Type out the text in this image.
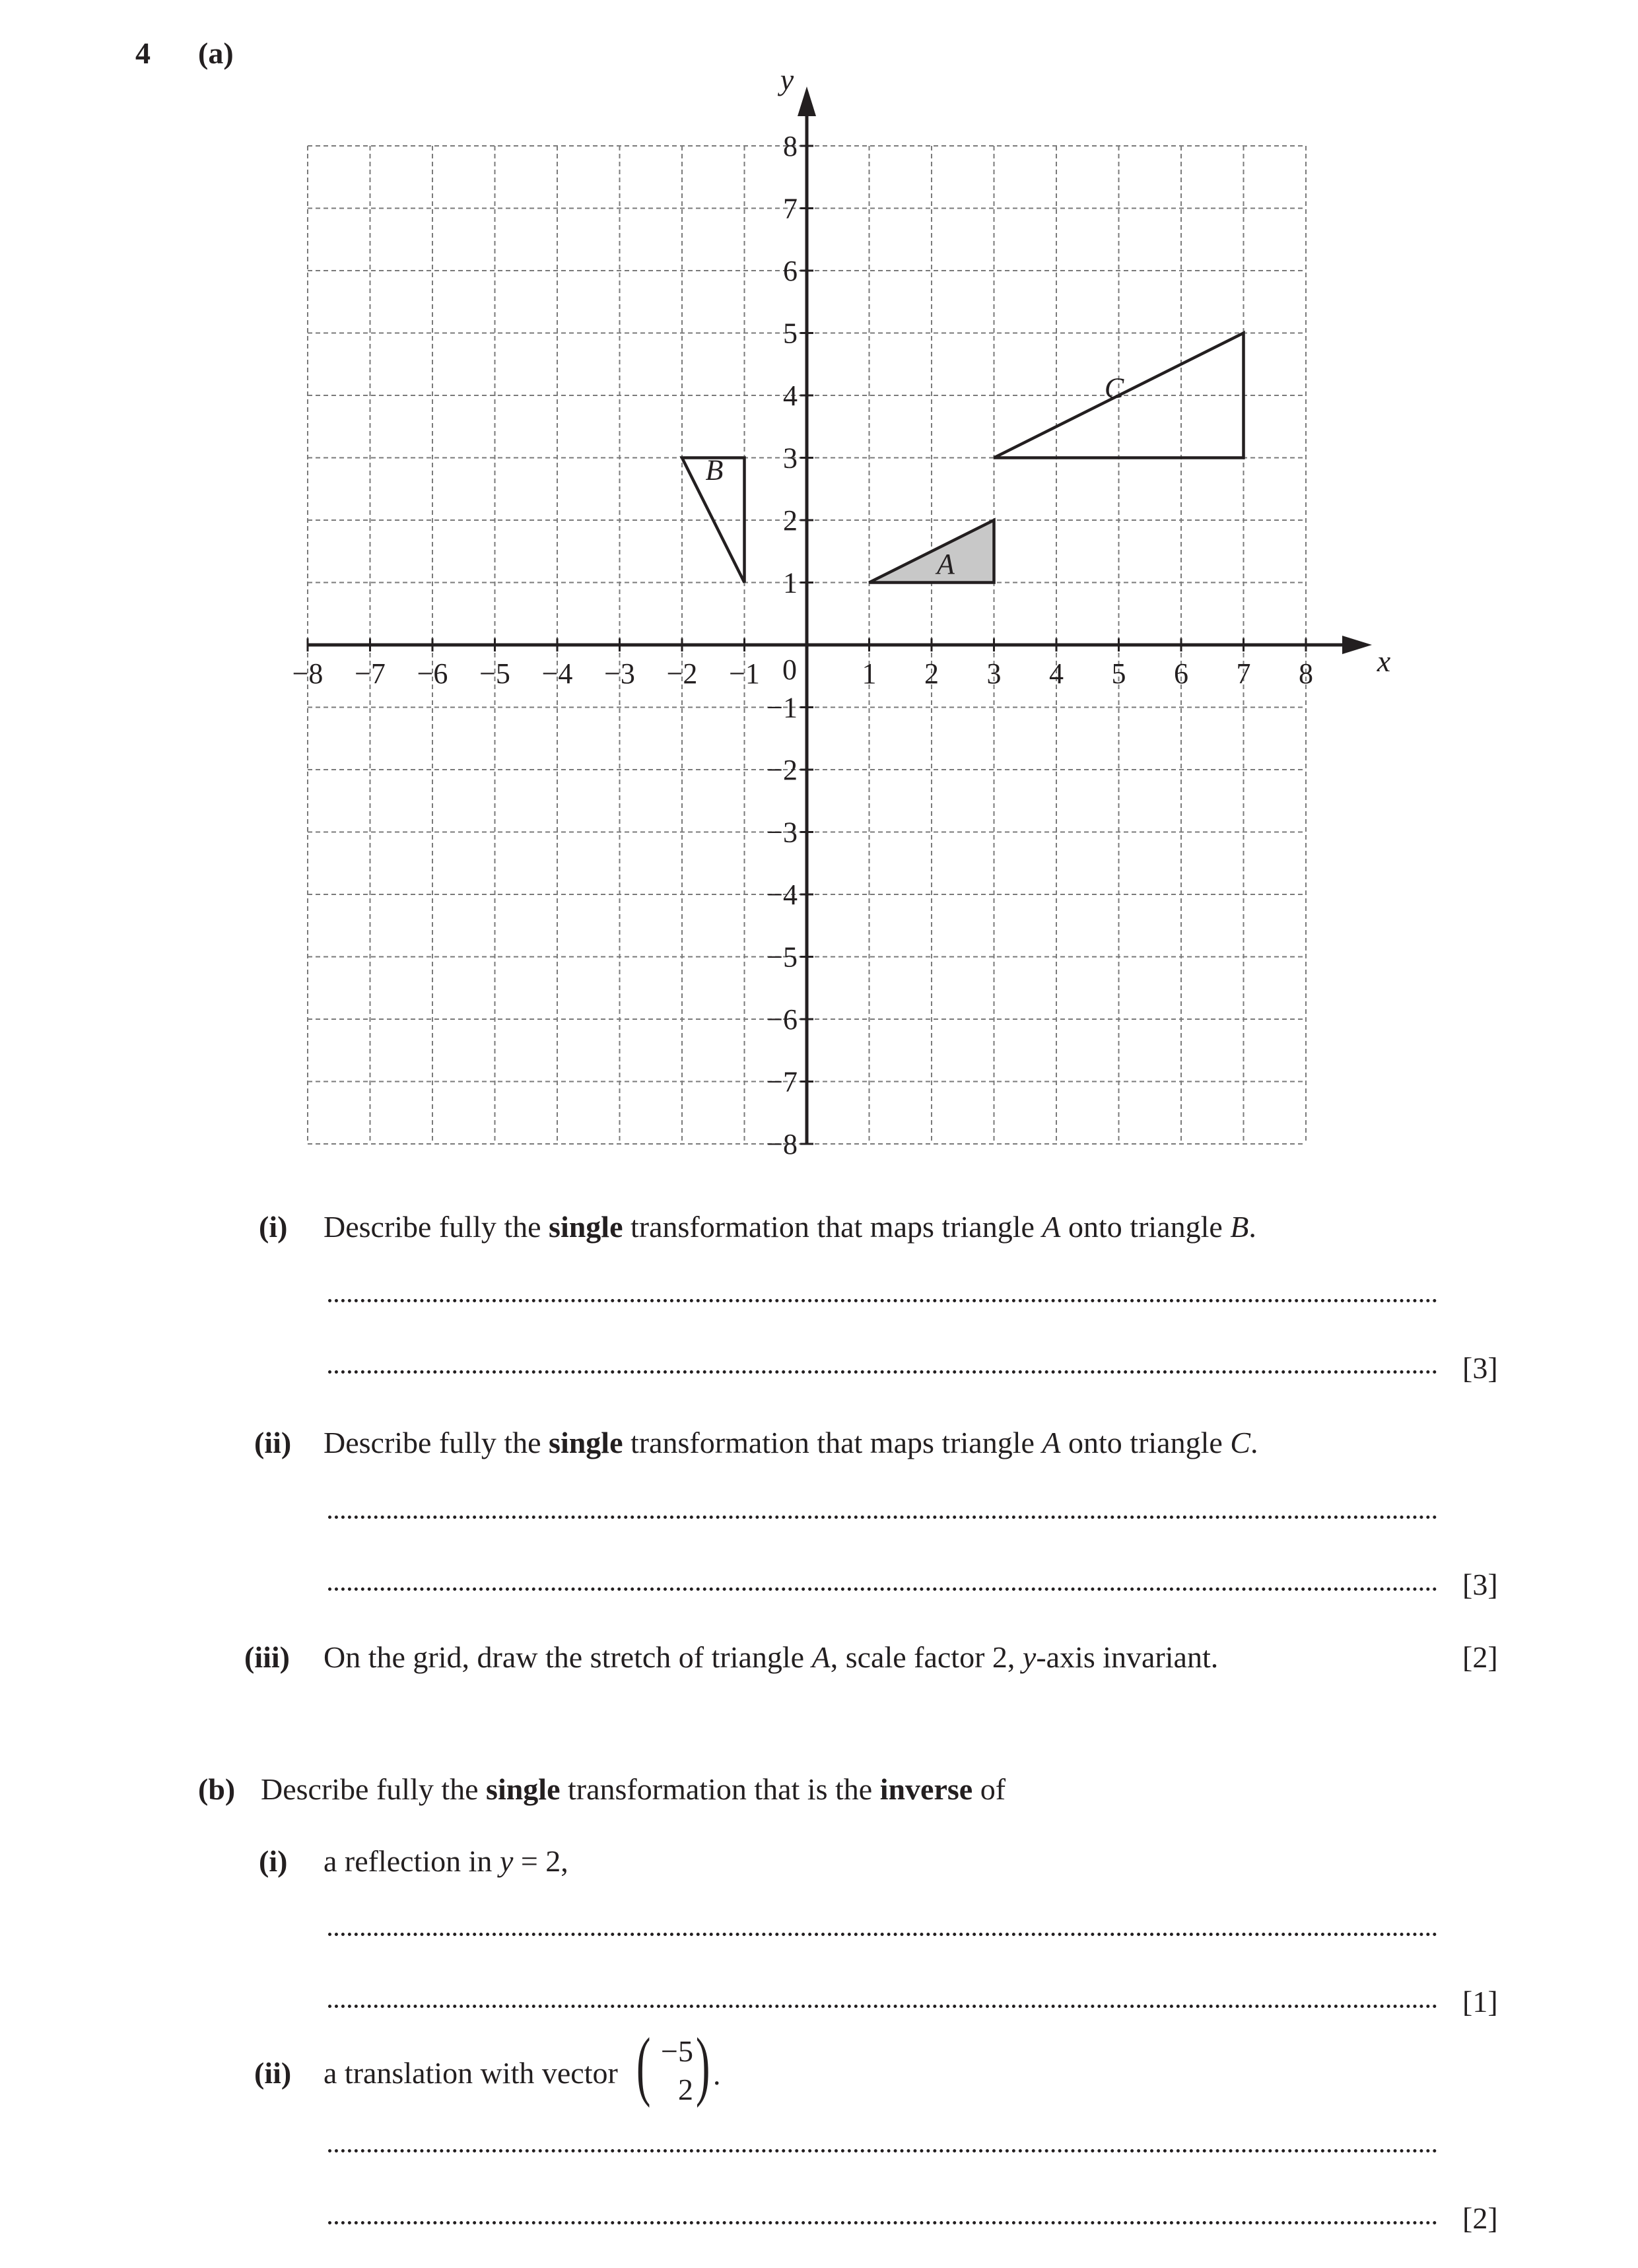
4 (a)
−8 −7 −6 −5 −4 −3 −2 −1	1 2 3 4 5 6 7 8
8
7
6
5
4
3
2
1
−1
−2
−3
−4
−5
−6
−7
−8
0	x
y
A
B
C
(i) Describe fully the single transformation that maps triangle A onto triangle B.
[3]
(ii) Describe fully the single transformation that maps triangle A onto triangle C.
[3]
(iii) On the grid, draw the stretch of triangle A, scale factor 2, y-axis invariant.	[2]
(b) Describe fully the single transformation that is the inverse of
(i) a reflection in y = 2,
[1]
(ii) a translation with vector ( −5
2 ) .
[2]
